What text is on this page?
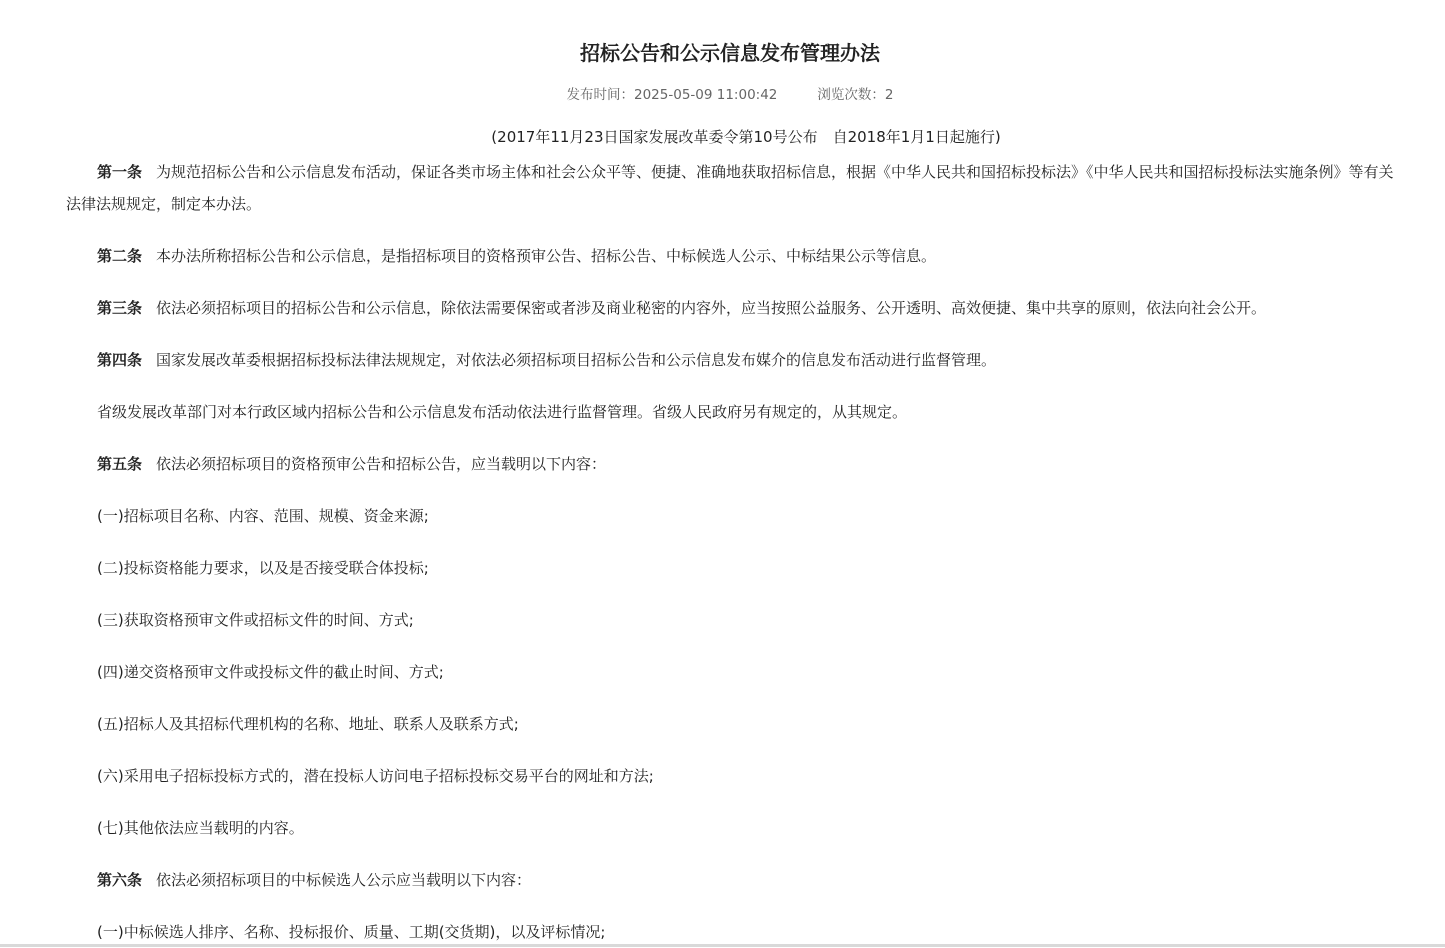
招标公告和公示信息发布管理办法
发布时间：2025-05-09 11:00:42	浏览次数：2
(2017年11月23日国家发展改革委令第10号公布　自2018年1月1日起施行)
第一条 为规范招标公告和公示信息发布活动，保证各类市场主体和社会公众平等、便捷、准确地获取招标信息，根据《中华人民共和国招标投标法》《中华人民共和国招标投标法实施条例》等有关法律法规规定，制定本办法。
第二条 本办法所称招标公告和公示信息，是指招标项目的资格预审公告、招标公告、中标候选人公示、中标结果公示等信息。
第三条 依法必须招标项目的招标公告和公示信息，除依法需要保密或者涉及商业秘密的内容外，应当按照公益服务、公开透明、高效便捷、集中共享的原则，依法向社会公开。
第四条 国家发展改革委根据招标投标法律法规规定，对依法必须招标项目招标公告和公示信息发布媒介的信息发布活动进行监督管理。
省级发展改革部门对本行政区域内招标公告和公示信息发布活动依法进行监督管理。省级人民政府另有规定的，从其规定。
第五条 依法必须招标项目的资格预审公告和招标公告，应当载明以下内容：
(一)招标项目名称、内容、范围、规模、资金来源;
(二)投标资格能力要求，以及是否接受联合体投标;
(三)获取资格预审文件或招标文件的时间、方式;
(四)递交资格预审文件或投标文件的截止时间、方式;
(五)招标人及其招标代理机构的名称、地址、联系人及联系方式;
(六)采用电子招标投标方式的，潜在投标人访问电子招标投标交易平台的网址和方法;
(七)其他依法应当载明的内容。
第六条 依法必须招标项目的中标候选人公示应当载明以下内容：
(一)中标候选人排序、名称、投标报价、质量、工期(交货期)，以及评标情况;
